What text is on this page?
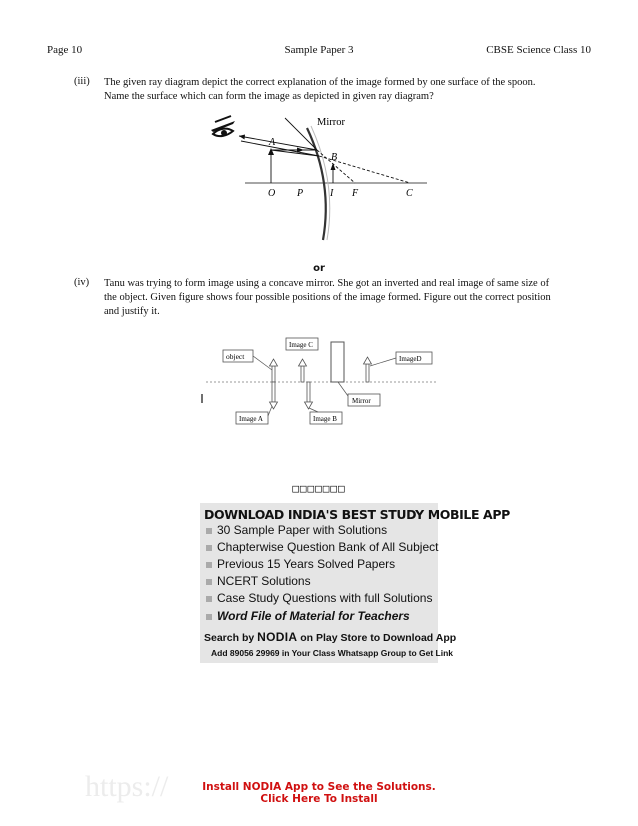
Page 10	Sample Paper 3	CBSE Science Class 10
(iii) The given ray diagram depict the correct explanation of the image formed by one surface of the spoon.
Name the surface which can form the image as depicted in given ray diagram?
Mirror
A
B
O P	I F	C
or
(iv) Tanu was trying to form image using a concave mirror. She got an inverted and real image of same size of
the object. Given figure shows four possible positions of the image formed. Figure out the correct position
and justify it.
object
Image C
ImageD
Mirror
Image A	Image B
□□□□□□□
DOWNLOAD INDIA'S BEST STUDY MOBILE APP
30 Sample Paper with Solutions
Chapterwise Question Bank of All Subject
Previous 15 Years Solved Papers
NCERT Solutions
Case Study Questions with full Solutions
Word File of Material for Teachers
Search by NODIA on Play Store to Download App
Add 89056 29969 in Your Class Whatsapp Group to Get Link
https://	Install NODIA App to See the Solutions.
Click Here To Install
